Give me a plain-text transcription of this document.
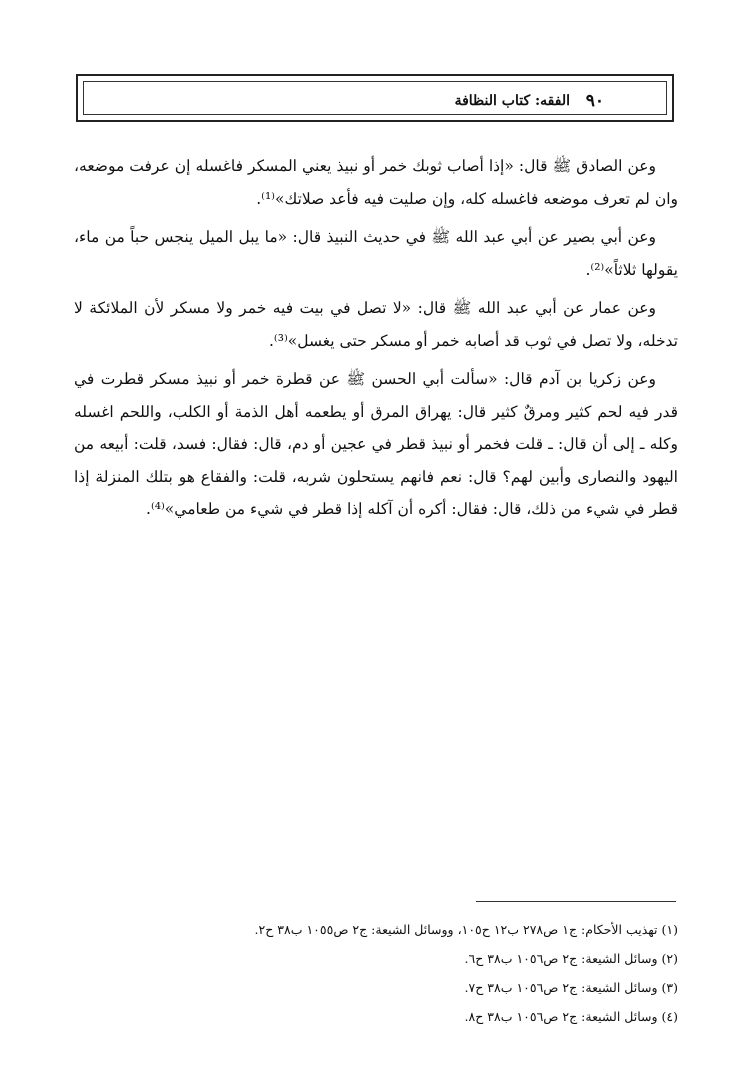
الفقه: كتاب النظافة ٩٠

وعن الصادق ﷺ قال: «إذا أصاب ثوبك خمر أو نبيذ يعني المسكر فاغسله إن عرفت موضعه، وان لم تعرف موضعه فاغسله كله، وإن صليت فيه فأعد صلاتك»⁽¹⁾.

وعن أبي بصير عن أبي عبد الله ﷺ في حديث النبيذ قال: «ما يبل الميل ينجس حباً من ماء، يقولها ثلاثاً»⁽²⁾.

وعن عمار عن أبي عبد الله ﷺ قال: «لا تصل في بيت فيه خمر ولا مسكر لأن الملائكة لا تدخله، ولا تصل في ثوب قد أصابه خمر أو مسكر حتى يغسل»⁽³⁾.

وعن زكريا بن آدم قال: «سألت أبي الحسن ﷺ عن قطرة خمر أو نبيذ مسكر قطرت في قدر فيه لحم كثير ومرقٌ كثير قال: يهراق المرق أو يطعمه أهل الذمة أو الكلب، واللحم اغسله وكله ـ إلى أن قال: ـ قلت فخمر أو نبيذ قطر في عجين أو دم، قال: فقال: فسد، قلت: أبيعه من اليهود والنصارى وأبين لهم؟ قال: نعم فانهم يستحلون شربه، قلت: والفقاع هو بتلك المنزلة إذا قطر في شيء من ذلك، قال: فقال: أكره أن آكله إذا قطر في شيء من طعامي»⁽⁴⁾.

(١) تهذيب الأحكام: ج١ ص٢٧٨ ب١٢ ح١٠٥، ووسائل الشيعة: ج٢ ص١٠٥٥ ب٣٨ ح٢.

(٢) وسائل الشيعة: ج٢ ص١٠٥٦ ب٣٨ ح٦.

(٣) وسائل الشيعة: ج٢ ص١٠٥٦ ب٣٨ ح٧.

(٤) وسائل الشيعة: ج٢ ص١٠٥٦ ب٣٨ ح٨.
